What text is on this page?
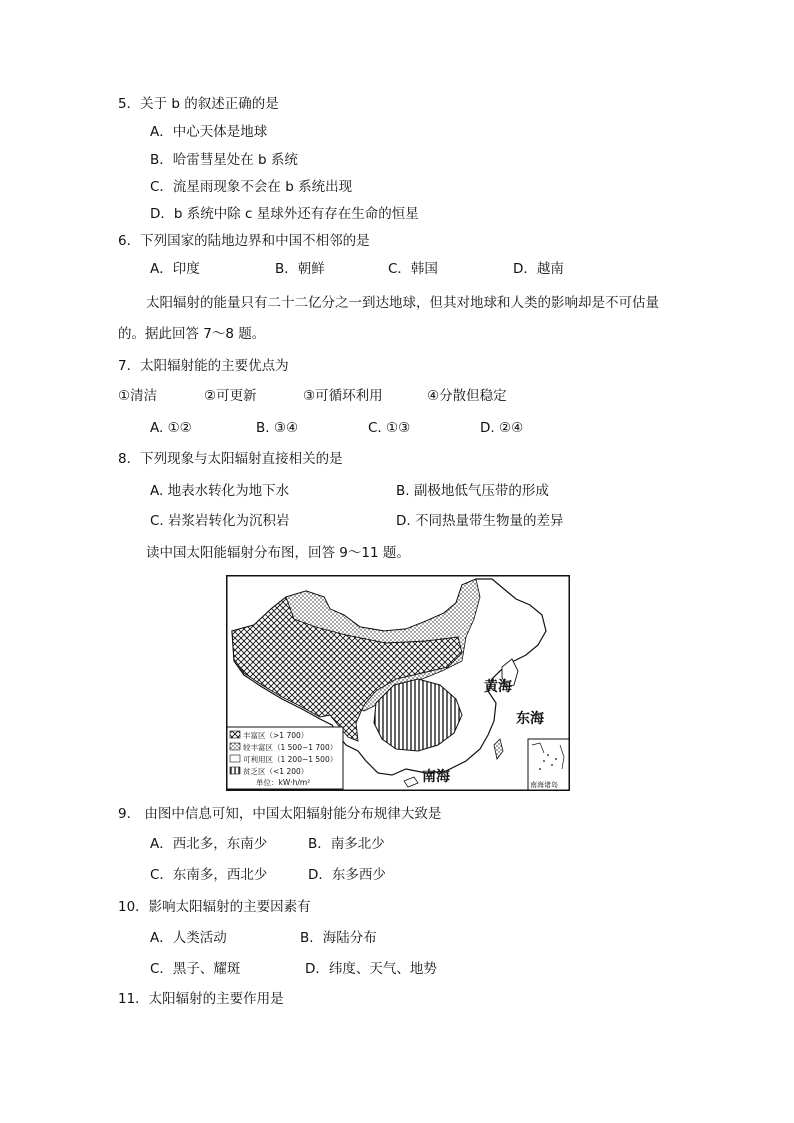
5．关于 b 的叙述正确的是
A．中心天体是地球
B．哈雷彗星处在 b 系统
C．流星雨现象不会在 b 系统出现
D．b 系统中除 c 星球外还有存在生命的恒星
6．下列国家的陆地边界和中国不相邻的是
A．印度	B．朝鲜	C．韩国	D．越南
太阳辐射的能量只有二十二亿分之一到达地球，但其对地球和人类的影响却是不可估量
的。据此回答 7～8 题。
7．太阳辐射能的主要优点为
①清洁	②可更新	③可循环利用	④分散但稳定
A. ①②	B. ③④	C. ①③	D. ②④
8．下列现象与太阳辐射直接相关的是
A. 地表水转化为地下水	B. 副极地低气压带的形成
C. 岩浆岩转化为沉积岩	D. 不同热量带生物量的差异
读中国太阳能辐射分布图，回答 9～11 题。
黄海
东海
南海
丰富区（>1 700）
较丰富区（1 500~1 700）
可利用区（1 200~1 500）
贫乏区（<1 200）
单位：kW·h/m²	南海诸岛
9.　由图中信息可知，中国太阳辐射能分布规律大致是
A．西北多，东南少	B．南多北少
C．东南多，西北少	D．东多西少
10．影响太阳辐射的主要因素有
A．人类活动	B．海陆分布
C．黑子、耀斑	D．纬度、天气、地势
11．太阳辐射的主要作用是
